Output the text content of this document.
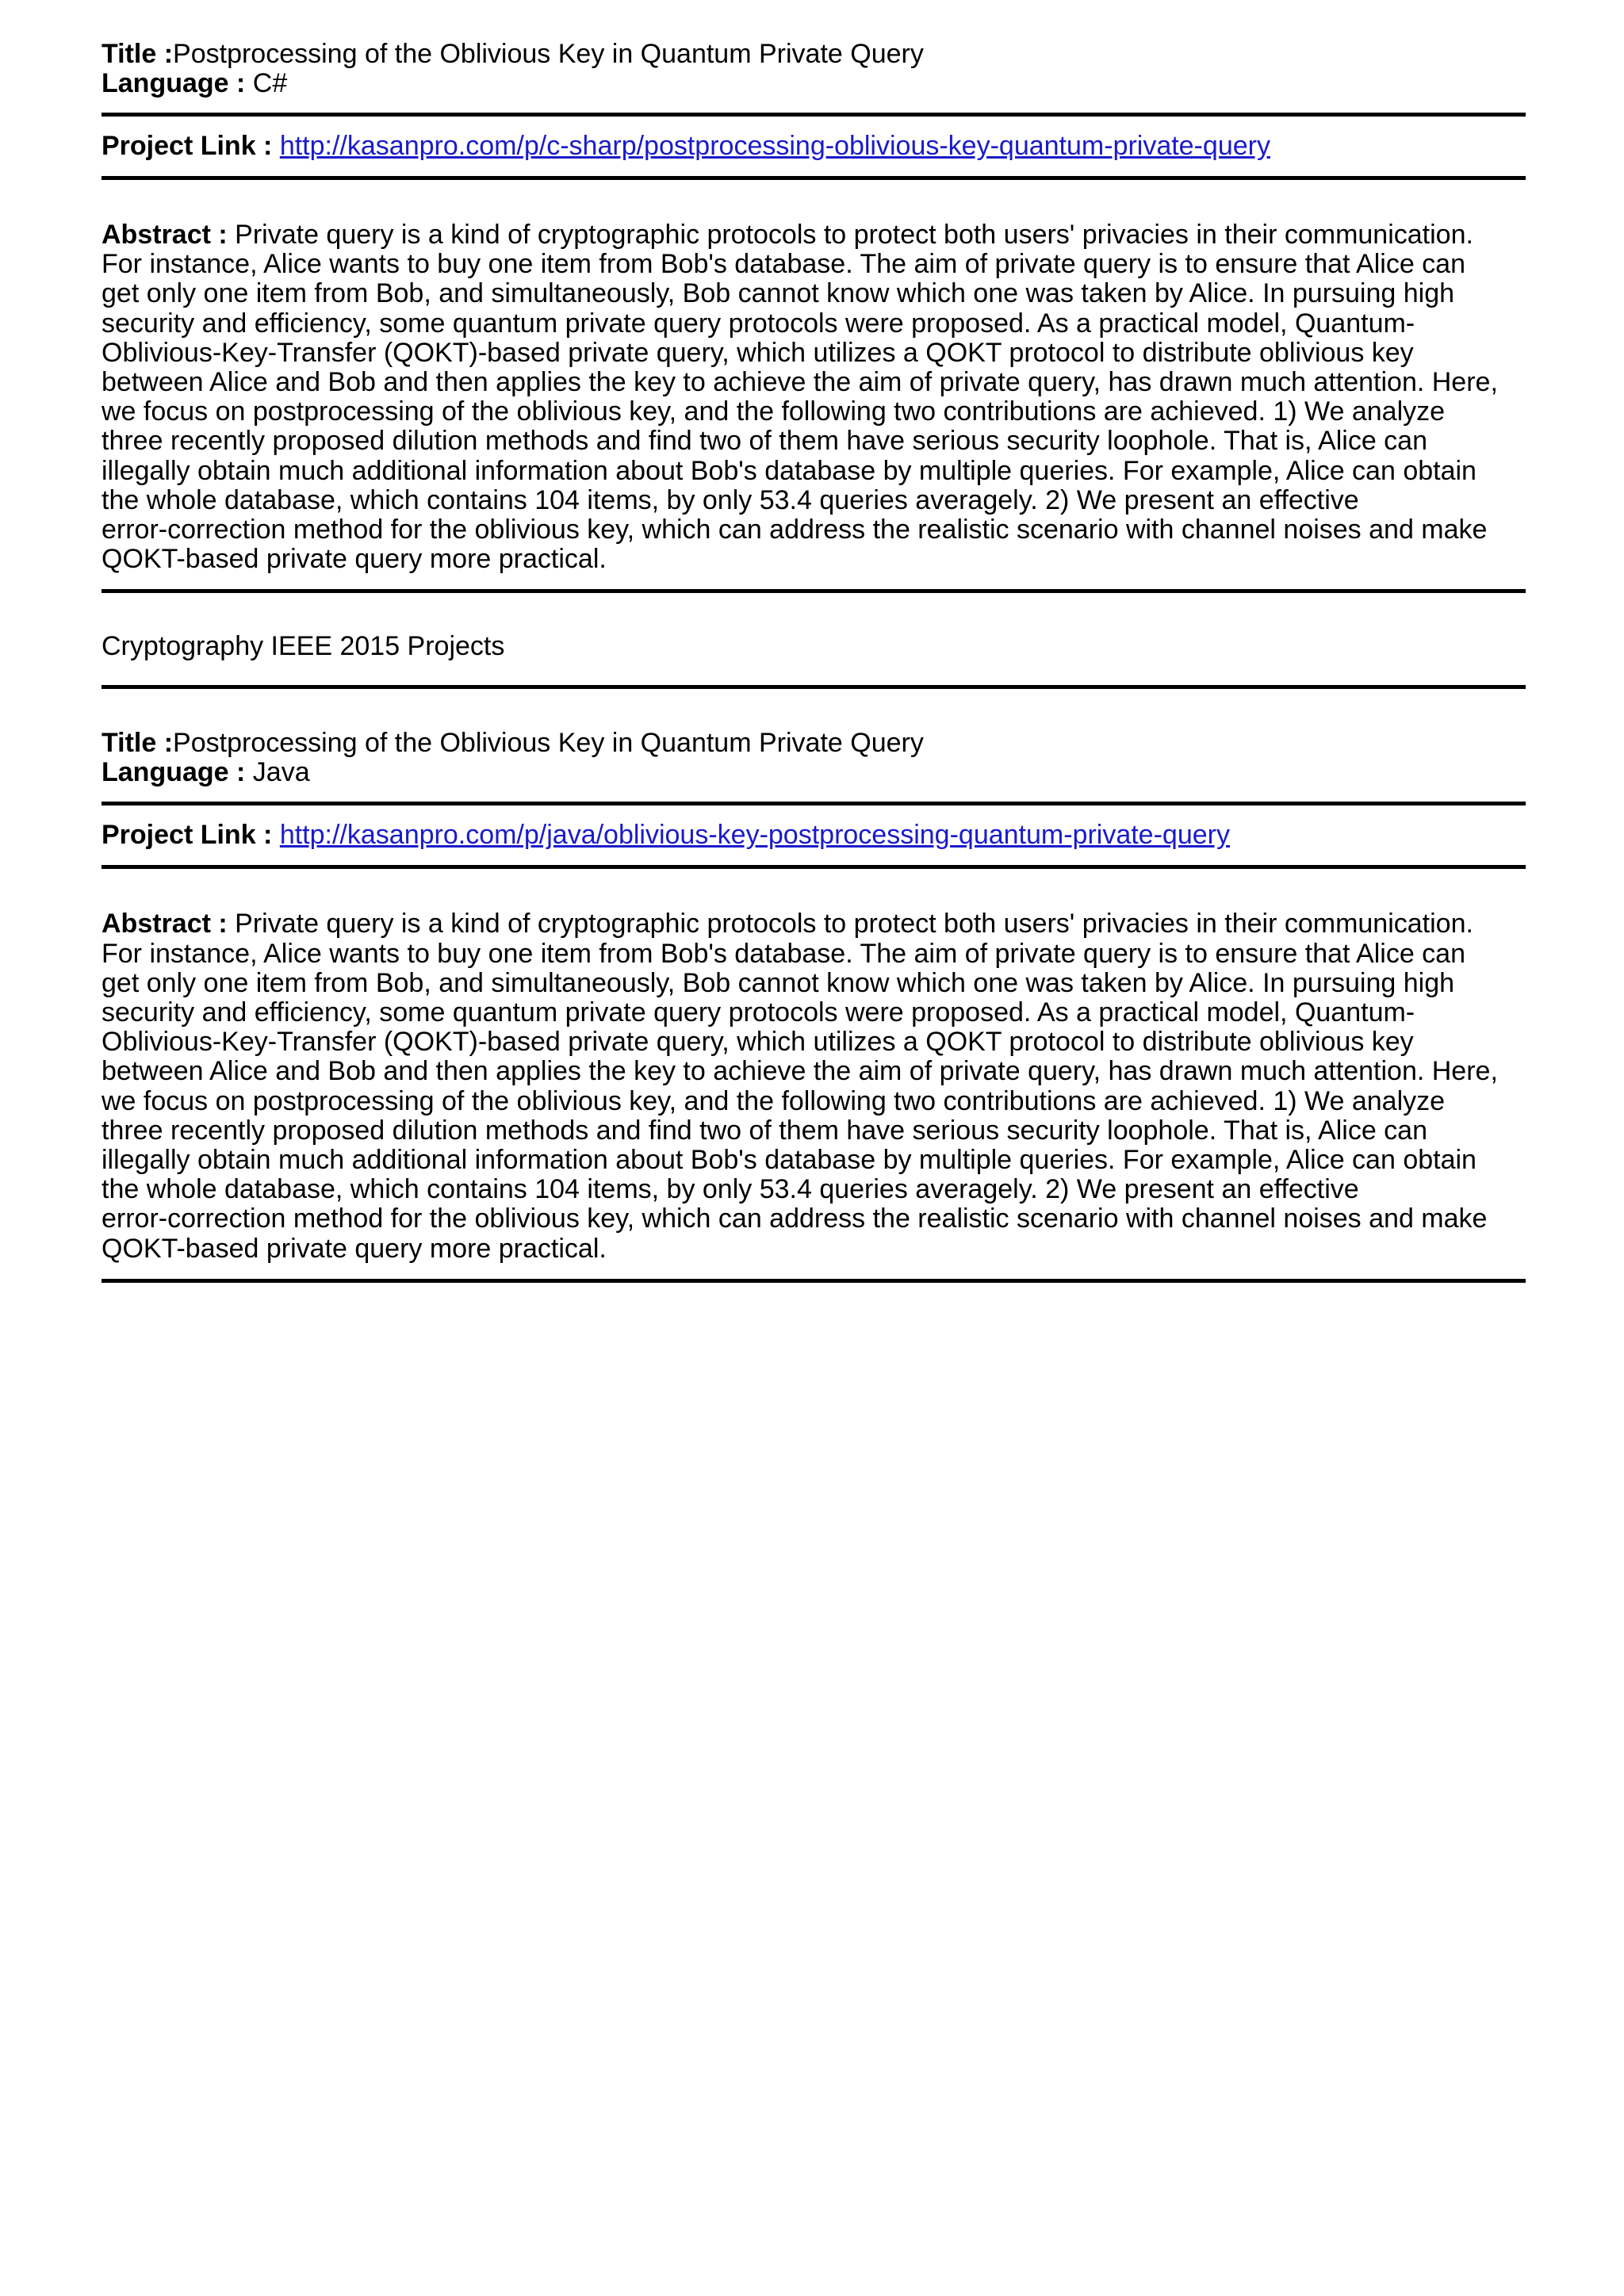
Title :Postprocessing of the Oblivious Key in Quantum Private Query
Language : C#
Project Link : http://kasanpro.com/p/c-sharp/postprocessing-oblivious-key-quantum-private-query
Abstract : Private query is a kind of cryptographic protocols to protect both users' privacies in their communication.
For instance, Alice wants to buy one item from Bob's database. The aim of private query is to ensure that Alice can
get only one item from Bob, and simultaneously, Bob cannot know which one was taken by Alice. In pursuing high
security and efficiency, some quantum private query protocols were proposed. As a practical model, Quantum-
Oblivious-Key-Transfer (QOKT)-based private query, which utilizes a QOKT protocol to distribute oblivious key
between Alice and Bob and then applies the key to achieve the aim of private query, has drawn much attention. Here,
we focus on postprocessing of the oblivious key, and the following two contributions are achieved. 1) We analyze
three recently proposed dilution methods and find two of them have serious security loophole. That is, Alice can
illegally obtain much additional information about Bob's database by multiple queries. For example, Alice can obtain
the whole database, which contains 104 items, by only 53.4 queries averagely. 2) We present an effective
error-correction method for the oblivious key, which can address the realistic scenario with channel noises and make
QOKT-based private query more practical.
Cryptography IEEE 2015 Projects
Title :Postprocessing of the Oblivious Key in Quantum Private Query
Language : Java
Project Link : http://kasanpro.com/p/java/oblivious-key-postprocessing-quantum-private-query
Abstract : Private query is a kind of cryptographic protocols to protect both users' privacies in their communication.
For instance, Alice wants to buy one item from Bob's database. The aim of private query is to ensure that Alice can
get only one item from Bob, and simultaneously, Bob cannot know which one was taken by Alice. In pursuing high
security and efficiency, some quantum private query protocols were proposed. As a practical model, Quantum-
Oblivious-Key-Transfer (QOKT)-based private query, which utilizes a QOKT protocol to distribute oblivious key
between Alice and Bob and then applies the key to achieve the aim of private query, has drawn much attention. Here,
we focus on postprocessing of the oblivious key, and the following two contributions are achieved. 1) We analyze
three recently proposed dilution methods and find two of them have serious security loophole. That is, Alice can
illegally obtain much additional information about Bob's database by multiple queries. For example, Alice can obtain
the whole database, which contains 104 items, by only 53.4 queries averagely. 2) We present an effective
error-correction method for the oblivious key, which can address the realistic scenario with channel noises and make
QOKT-based private query more practical.
